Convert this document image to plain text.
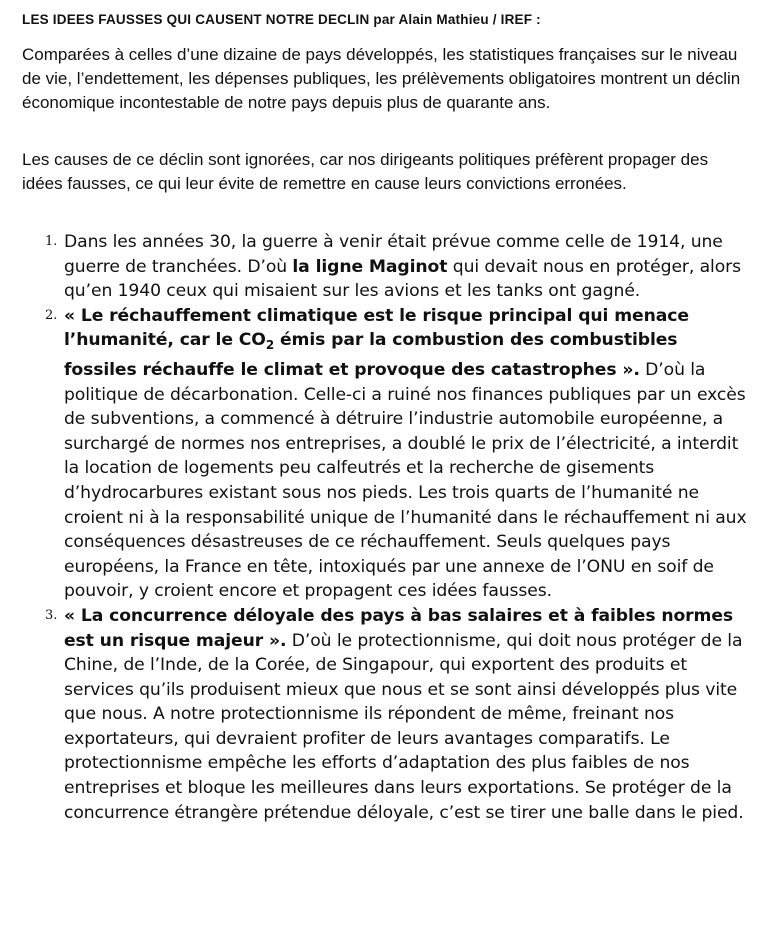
LES IDEES FAUSSES QUI CAUSENT NOTRE DECLIN par Alain Mathieu / IREF :

Comparées à celles d’une dizaine de pays développés, les statistiques françaises sur le niveau de vie, l’endettement, les dépenses publiques, les prélèvements obligatoires montrent un déclin économique incontestable de notre pays depuis plus de quarante ans.

Les causes de ce déclin sont ignorées, car nos dirigeants politiques préfèrent propager des idées fausses, ce qui leur évite de remettre en cause leurs convictions erronées.

1. Dans les années 30, la guerre à venir était prévue comme celle de 1914, une guerre de tranchées. D’où la ligne Maginot qui devait nous en protéger, alors qu’en 1940 ceux qui misaient sur les avions et les tanks ont gagné.

2. « Le réchauffement climatique est le risque principal qui menace l’humanité, car le $CO_2$ émis par la combustion des combustibles fossiles réchauffe le climat et provoque des catastrophes ». D’où la politique de décarbonation. Celle-ci a ruiné nos finances publiques par un excès de subventions, a commencé à détruire l’industrie automobile européenne, a surchargé de normes nos entreprises, a doublé le prix de l’électricité, a interdit la location de logements peu calfeutrés et la recherche de gisements d’hydrocarbures existant sous nos pieds. Les trois quarts de l’humanité ne croient ni à la responsabilité unique de l’humanité dans le réchauffement ni aux conséquences désastreuses de ce réchauffement. Seuls quelques pays européens, la France en tête, intoxiqués par une annexe de l’ONU en soif de pouvoir, y croient encore et propagent ces idées fausses.

3. « La concurrence déloyale des pays à bas salaires et à faibles normes est un risque majeur ». D’où le protectionnisme, qui doit nous protéger de la Chine, de l’Inde, de la Corée, de Singapour, qui exportent des produits et services qu’ils produisent mieux que nous et se sont ainsi développés plus vite que nous. A notre protectionnisme ils répondent de même, freinant nos exportateurs, qui devraient profiter de leurs avantages comparatifs. Le protectionnisme empêche les efforts d’adaptation des plus faibles de nos entreprises et bloque les meilleures dans leurs exportations. Se protéger de la concurrence étrangère prétendue déloyale, c’est se tirer une balle dans le pied.
